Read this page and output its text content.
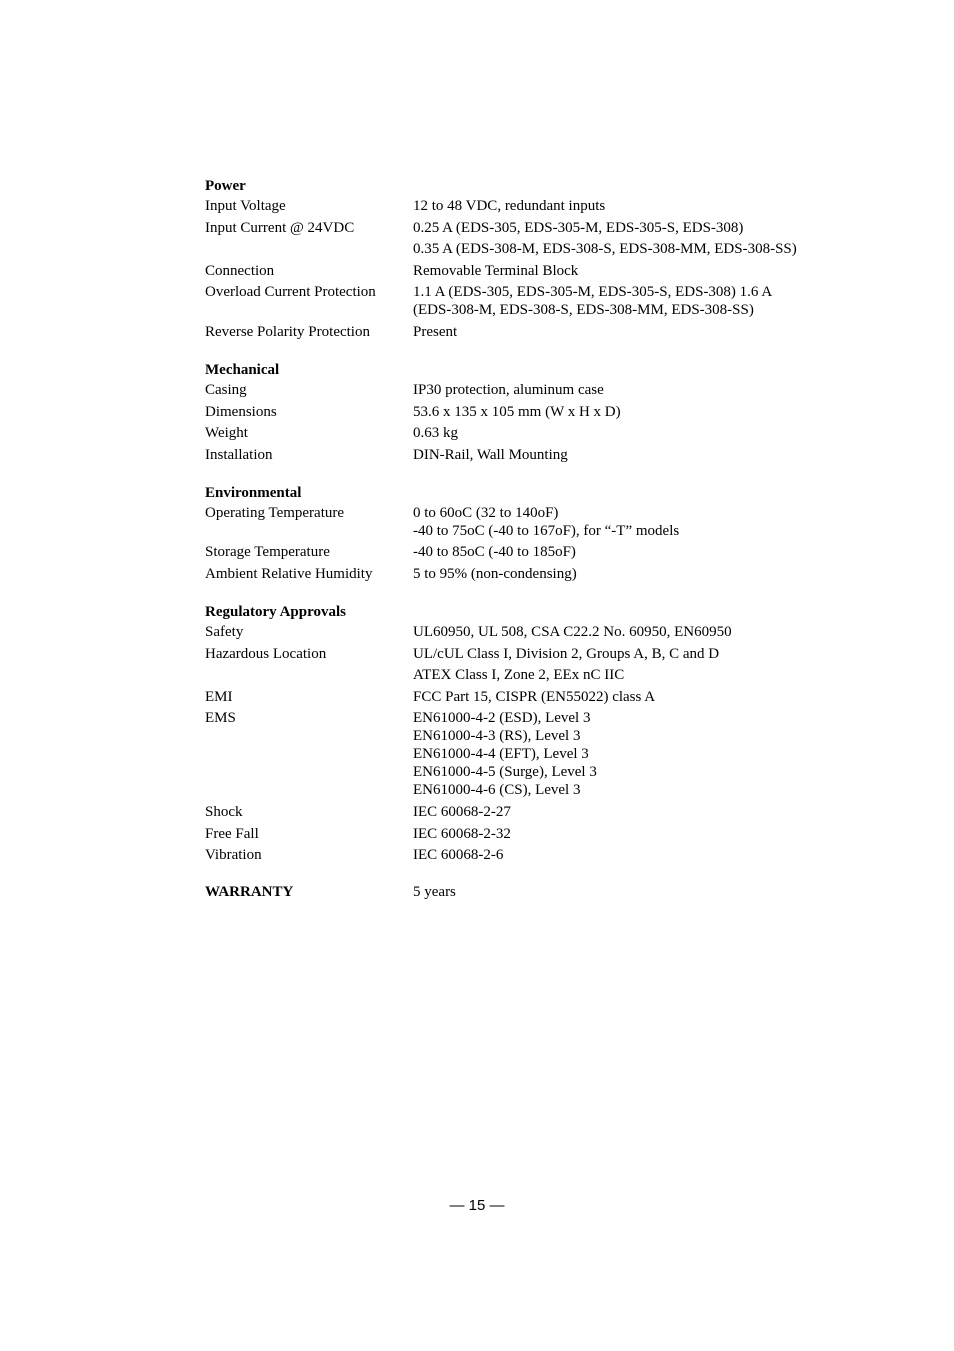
Power
Input Voltage	12 to 48 VDC, redundant inputs
Input Current @ 24VDC	0.25 A (EDS-305, EDS-305-M, EDS-305-S, EDS-308)
0.35 A (EDS-308-M, EDS-308-S, EDS-308-MM, EDS-308-SS)
Connection	Removable Terminal Block
Overload Current Protection	1.1 A (EDS-305, EDS-305-M, EDS-305-S, EDS-308) 1.6 A
(EDS-308-M, EDS-308-S, EDS-308-MM, EDS-308-SS)
Reverse Polarity Protection	Present
Mechanical
Casing	IP30 protection, aluminum case
Dimensions	53.6 x 135 x 105 mm (W x H x D)
Weight	0.63 kg
Installation	DIN-Rail, Wall Mounting
Environmental
Operating Temperature	0 to 60oC (32 to 140oF)
-40 to 75oC (-40 to 167oF), for “-T” models
Storage Temperature	-40 to 85oC (-40 to 185oF)
Ambient Relative Humidity	5 to 95% (non-condensing)
Regulatory Approvals
Safety	UL60950, UL 508, CSA C22.2 No. 60950, EN60950
Hazardous Location	UL/cUL Class I, Division 2, Groups A, B, C and D
ATEX Class I, Zone 2, EEx nC IIC
EMI	FCC Part 15, CISPR (EN55022) class A
EMS	EN61000-4-2 (ESD), Level 3
EN61000-4-3 (RS), Level 3
EN61000-4-4 (EFT), Level 3
EN61000-4-5 (Surge), Level 3
EN61000-4-6 (CS), Level 3
Shock	IEC 60068-2-27
Free Fall	IEC 60068-2-32
Vibration	IEC 60068-2-6
WARRANTY	5 years
— 15 —
